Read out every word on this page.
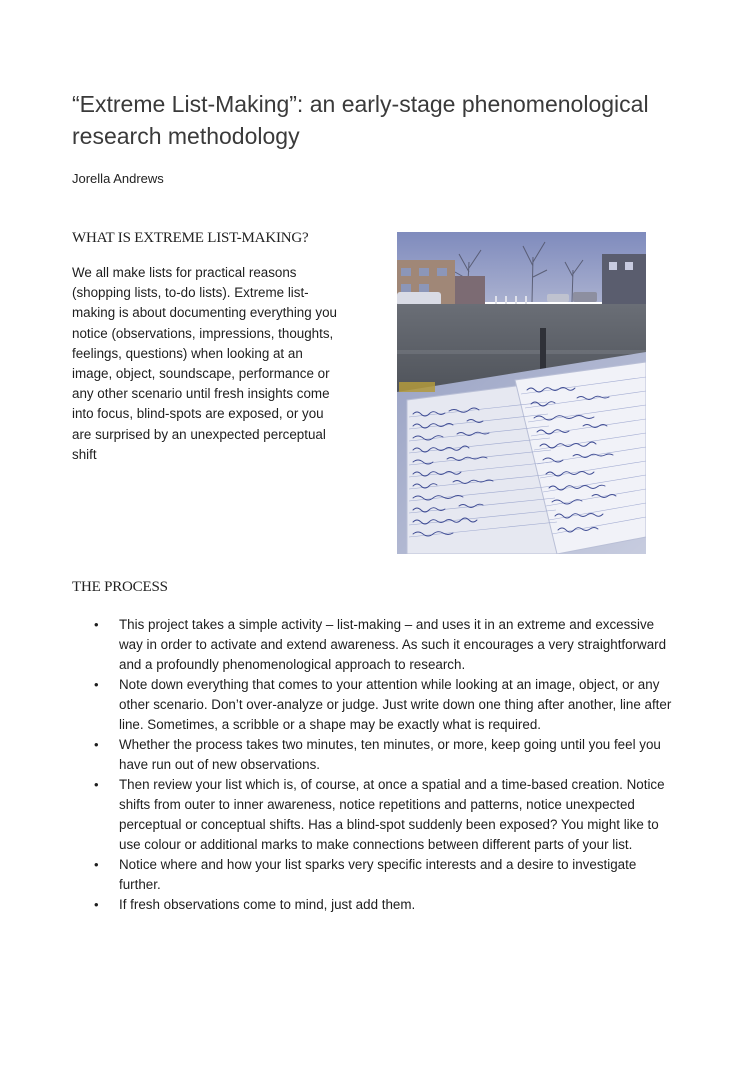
“Extreme List-Making”: an early-stage phenomenological research methodology

Jorella Andrews

WHAT IS EXTREME LIST-MAKING?

We all make lists for practical reasons (shopping lists, to-do lists). Extreme list-making is about documenting everything you notice (observations, impressions, thoughts, feelings, questions) when looking at an image, object, soundscape, performance or any other scenario until fresh insights come into focus, blind-spots are exposed, or you are surprised by an unexpected perceptual shift

THE PROCESS
• This project takes a simple activity – list-making – and uses it in an extreme and excessive way in order to activate and extend awareness. As such it encourages a very straightforward and a profoundly phenomenological approach to research.
• Note down everything that comes to your attention while looking at an image, object, or any other scenario. Don’t over-analyze or judge. Just write down one thing after another, line after line. Sometimes, a scribble or a shape may be exactly what is required.
• Whether the process takes two minutes, ten minutes, or more, keep going until you feel you have run out of new observations.
• Then review your list which is, of course, at once a spatial and a time-based creation. Notice shifts from outer to inner awareness, notice repetitions and patterns, notice unexpected perceptual or conceptual shifts. Has a blind-spot suddenly been exposed? You might like to use colour or additional marks to make connections between different parts of your list.
• Notice where and how your list sparks very specific interests and a desire to investigate further.
• If fresh observations come to mind, just add them.
